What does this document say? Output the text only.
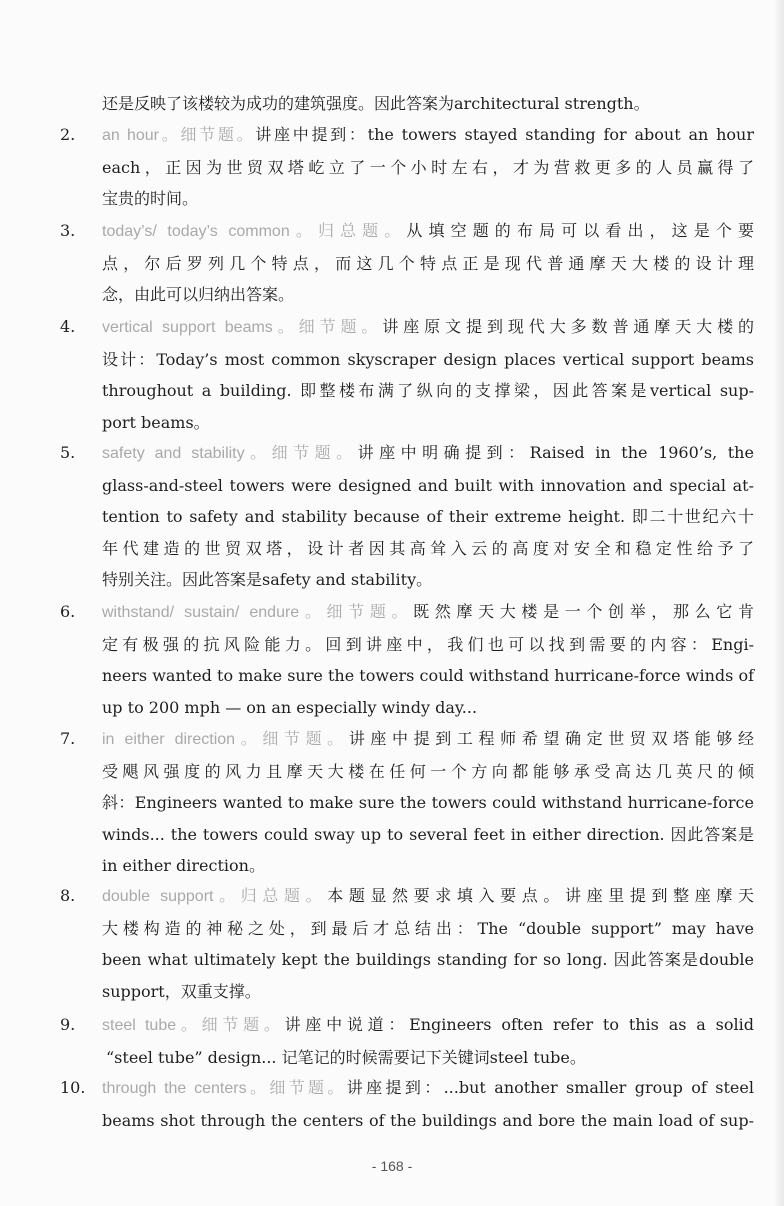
还是反映了该楼较为成功的建筑强度。因此答案为architectural strength。
2.	an hour。细节题。讲座中提到：the towers stayed standing for about an hour
each，正因为世贸双塔屹立了一个小时左右，才为营救更多的人员赢得了
宝贵的时间。
3.	today’s/ today’s common。归总题。从填空题的布局可以看出，这是个要
点，尔后罗列几个特点，而这几个特点正是现代普通摩天大楼的设计理
念，由此可以归纳出答案。
4.	vertical support beams。细节题。讲座原文提到现代大多数普通摩天大楼的
设计：Today’s most common skyscraper design places vertical support beams
throughout a building. 即整楼布满了纵向的支撑梁，因此答案是vertical sup-
port beams。
5.	safety and stability。细节题。讲座中明确提到：Raised in the 1960’s, the
glass-and-steel towers were designed and built with innovation and special at-
tention to safety and stability because of their extreme height. 即二十世纪六十
年代建造的世贸双塔，设计者因其高耸入云的高度对安全和稳定性给予了
特别关注。因此答案是safety and stability。
6.	withstand/ sustain/ endure。细节题。既然摩天大楼是一个创举，那么它肯
定有极强的抗风险能力。回到讲座中，我们也可以找到需要的内容：Engi-
neers wanted to make sure the towers could withstand hurricane-force winds of
up to 200 mph — on an especially windy day...
7.	in either direction。细节题。讲座中提到工程师希望确定世贸双塔能够经
受飓风强度的风力且摩天大楼在任何一个方向都能够承受高达几英尺的倾
斜：Engineers wanted to make sure the towers could withstand hurricane-force
winds... the towers could sway up to several feet in either direction. 因此答案是
in either direction。
8.	double support。归总题。本题显然要求填入要点。讲座里提到整座摩天
大楼构造的神秘之处，到最后才总结出：The “double support” may have
been what ultimately kept the buildings standing for so long. 因此答案是double
support，双重支撑。
9.	steel tube。细节题。讲座中说道：Engineers often refer to this as a solid
“steel tube” design... 记笔记的时候需要记下关键词steel tube。
10.	through the centers。细节题。讲座提到：...but another smaller group of steel
beams shot through the centers of the buildings and bore the main load of sup-
- 168 -
